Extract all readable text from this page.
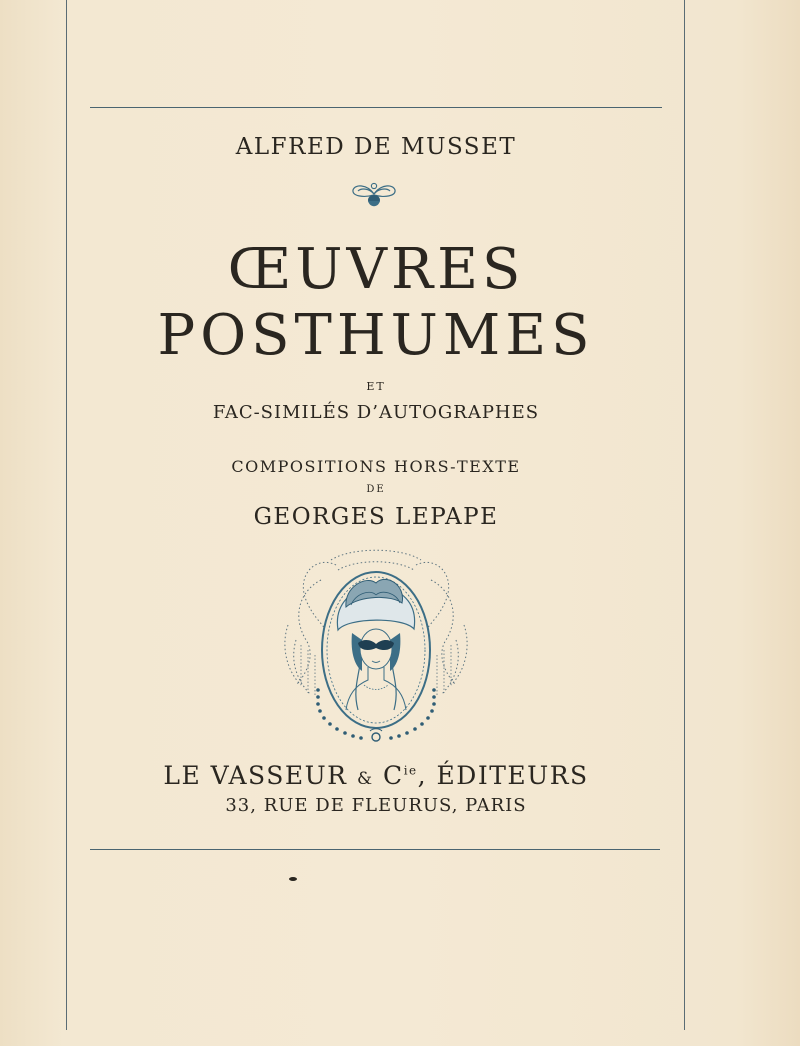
ALFRED DE MUSSET
ŒUVRES
POSTHUMES
ET
FAC‑SIMILÉS D’AUTOGRAPHES
COMPOSITIONS HORS‑TEXTE
DE
GEORGES LEPAPE
LE VASSEUR & $C^{ie}$, ÉDITEURS
33, RUE DE FLEURUS, PARIS
